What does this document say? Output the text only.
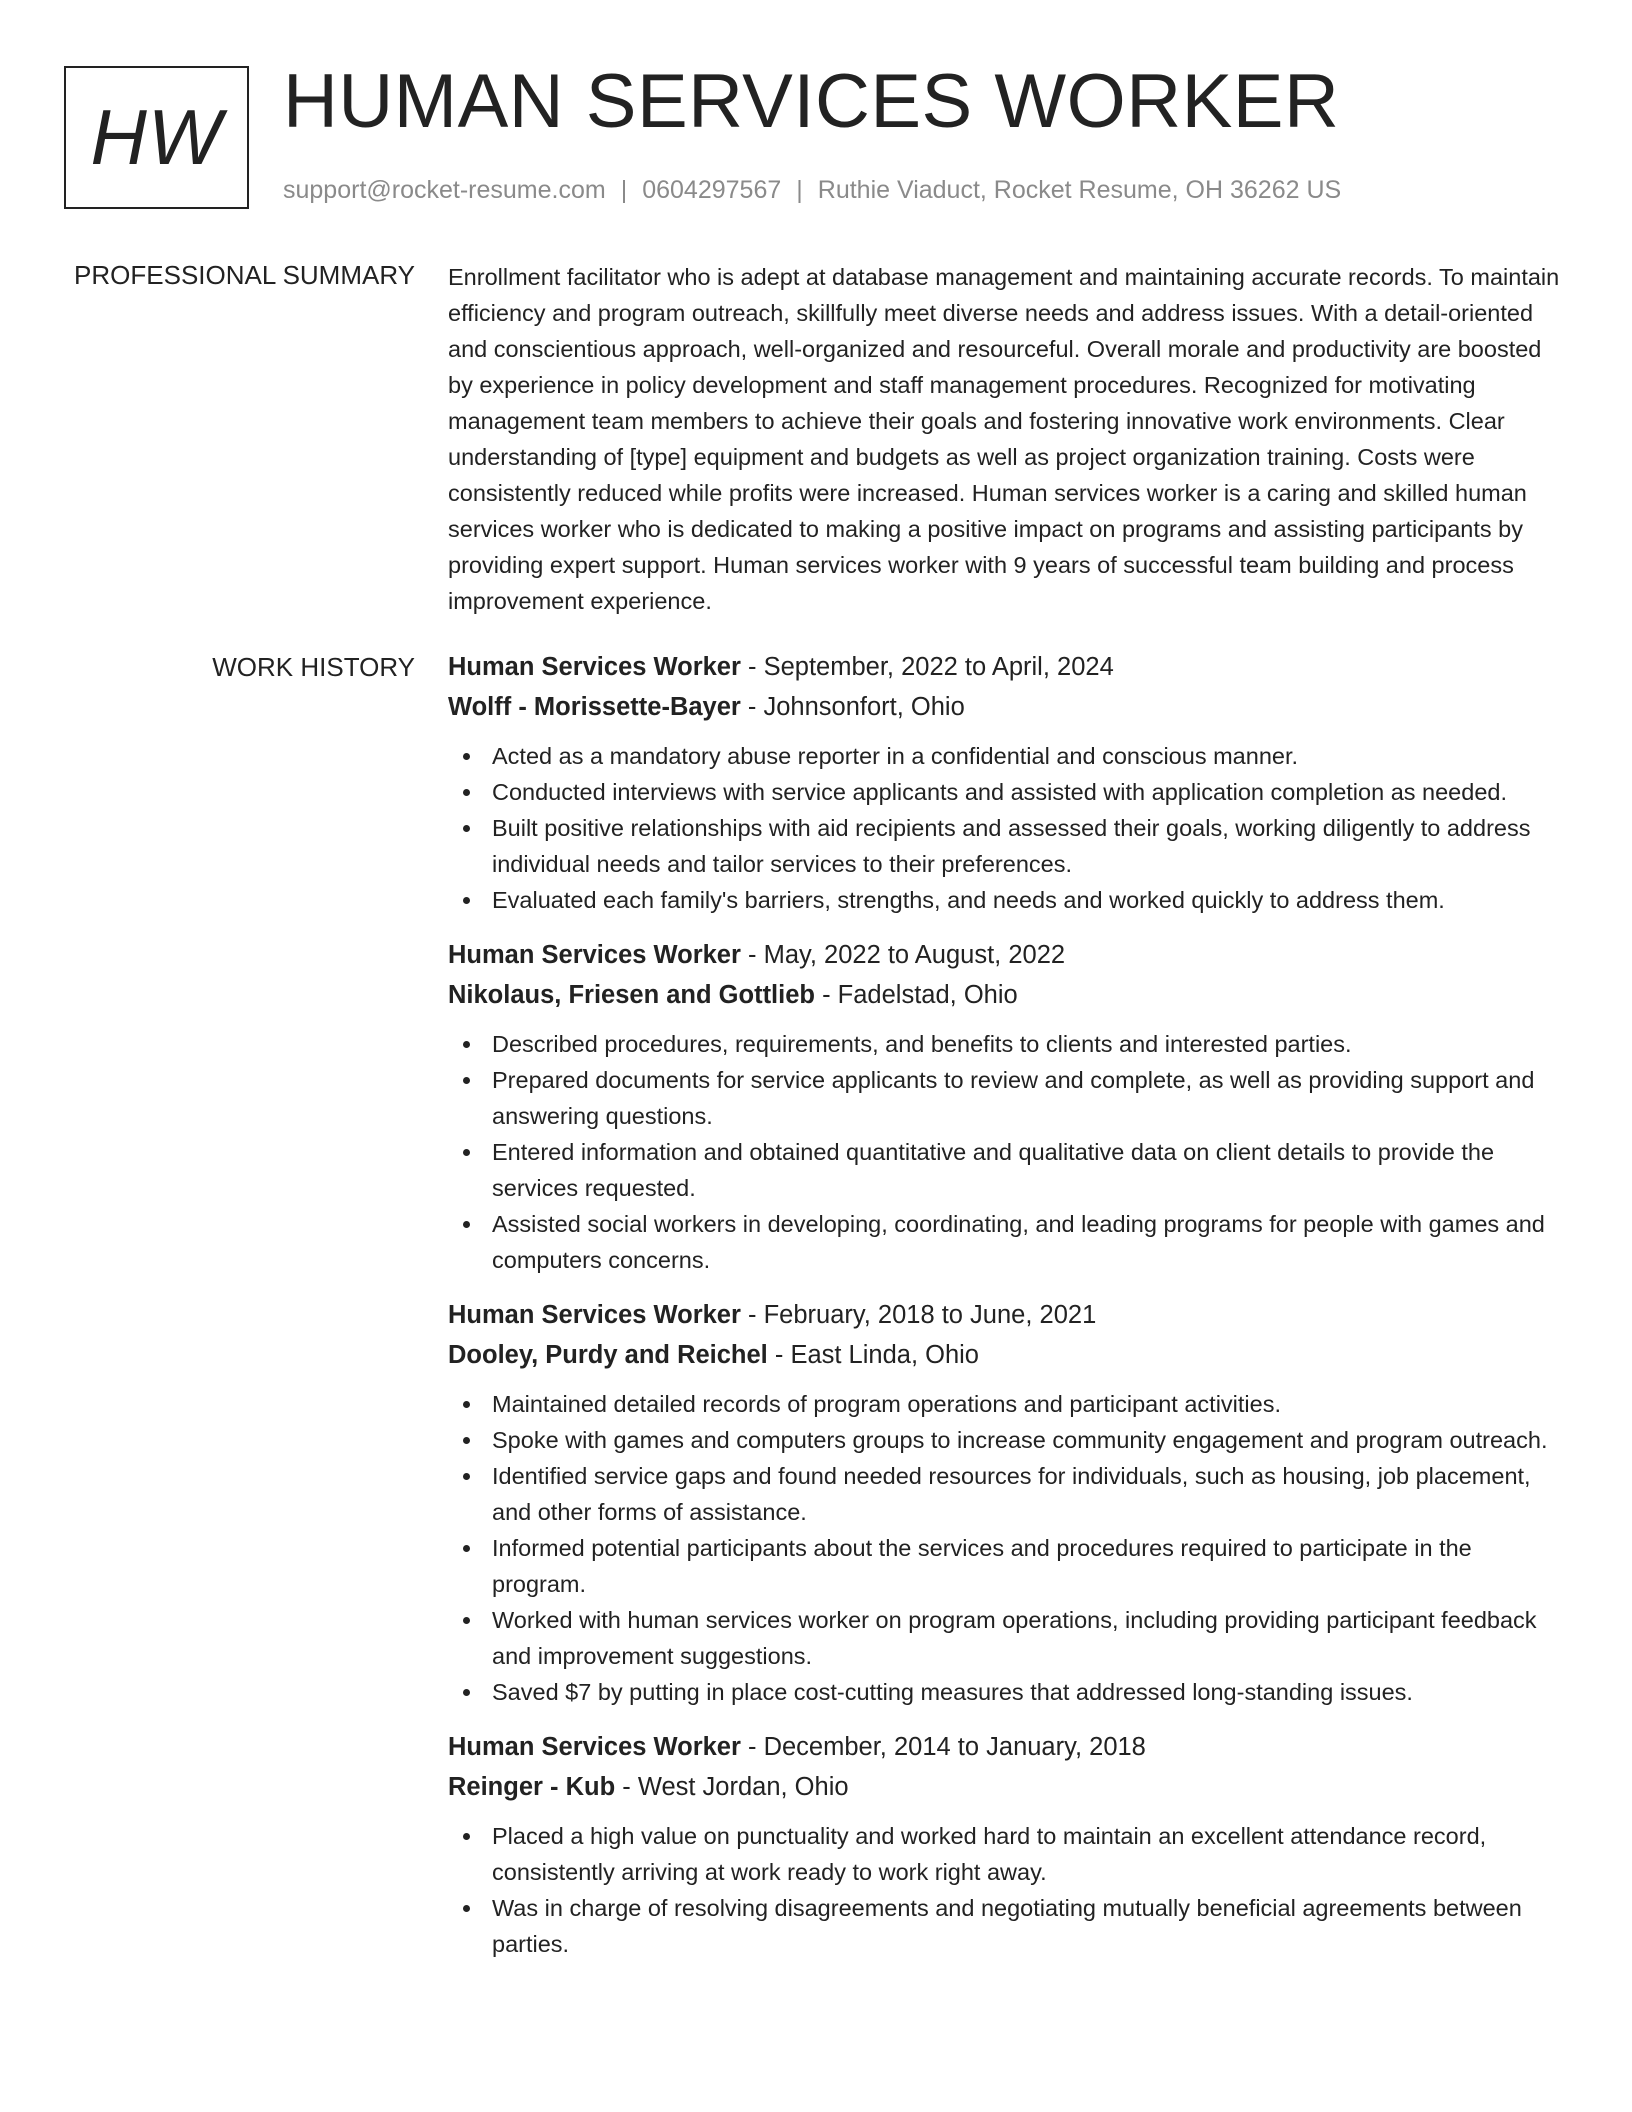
HW HUMAN SERVICES WORKER
support@rocket-resume.com | 0604297567 | Ruthie Viaduct, Rocket Resume, OH 36262 US
PROFESSIONAL SUMMARY Enrollment facilitator who is adept at database management and maintaining accurate records. To maintain efficiency and program outreach, skillfully meet diverse needs and address issues. With a detail-oriented and conscientious approach, well-organized and resourceful. Overall morale and productivity are boosted by experience in policy development and staff management procedures. Recognized for motivating management team members to achieve their goals and fostering innovative work environments. Clear understanding of [type] equipment and budgets as well as project organization training. Costs were consistently reduced while profits were increased. Human services worker is a caring and skilled human services worker who is dedicated to making a positive impact on programs and assisting participants by providing expert support. Human services worker with 9 years of successful team building and process improvement experience.

WORK HISTORY Human Services Worker - September, 2022 to April, 2024
Wolff - Morissette-Bayer - Johnsonfort, Ohio
Acted as a mandatory abuse reporter in a confidential and conscious manner.
Conducted interviews with service applicants and assisted with application completion as needed.
Built positive relationships with aid recipients and assessed their goals, working diligently to address individual needs and tailor services to their preferences.
Evaluated each family's barriers, strengths, and needs and worked quickly to address them.
Human Services Worker - May, 2022 to August, 2022
Nikolaus, Friesen and Gottlieb - Fadelstad, Ohio
Described procedures, requirements, and benefits to clients and interested parties.
Prepared documents for service applicants to review and complete, as well as providing support and answering questions.
Entered information and obtained quantitative and qualitative data on client details to provide the services requested.
Assisted social workers in developing, coordinating, and leading programs for people with games and computers concerns.
Human Services Worker - February, 2018 to June, 2021
Dooley, Purdy and Reichel - East Linda, Ohio
Maintained detailed records of program operations and participant activities.
Spoke with games and computers groups to increase community engagement and program outreach.
Identified service gaps and found needed resources for individuals, such as housing, job placement, and other forms of assistance.
Informed potential participants about the services and procedures required to participate in the program.
Worked with human services worker on program operations, including providing participant feedback and improvement suggestions.
Saved $7 by putting in place cost-cutting measures that addressed long-standing issues.
Human Services Worker - December, 2014 to January, 2018
Reinger - Kub - West Jordan, Ohio
Placed a high value on punctuality and worked hard to maintain an excellent attendance record, consistently arriving at work ready to work right away.
Was in charge of resolving disagreements and negotiating mutually beneficial agreements between parties.
